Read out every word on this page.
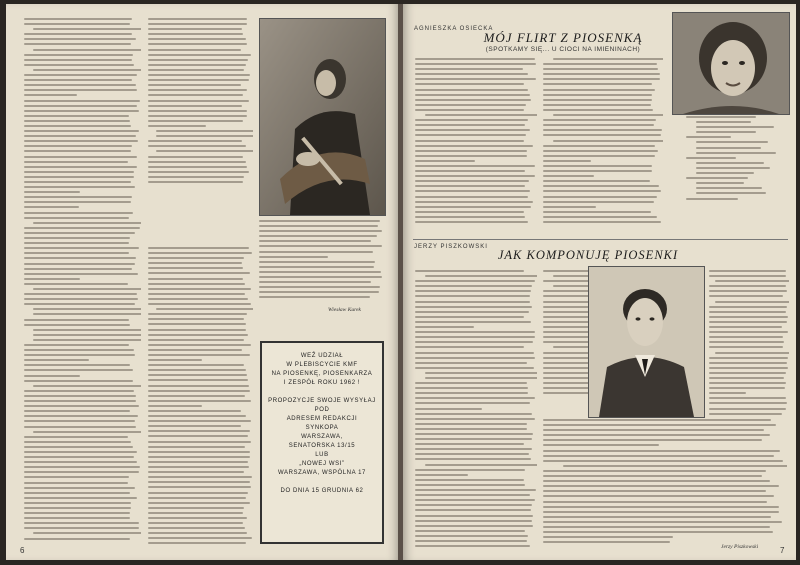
Wiesław Kurek
WEŹ UDZIAŁ
W PLEBISCYCIE KMF
NA PIOSENKĘ, PIOSENKARZA
I ZESPÓŁ ROKU 1962 !

PROPOZYCJE SWOJE WYSYŁAJ
POD
ADRESEM REDAKCJI
SYNKOPA
WARSZAWA,
SENATORSKA 13/15
LUB
„NOWEJ WSI”
WARSZAWA, WSPÓLNA 17

DO DNIA 15 GRUDNIA 62
6
AGNIESZKA OSIECKA
MÓJ FLIRT Z PIOSENKĄ
(SPOTKAMY SIĘ... U CIOCI NA IMIENINACH)
JERZY PISZKOWSKI
JAK KOMPONUJĘ PIOSENKI
Jerzy Piszkowski	7
